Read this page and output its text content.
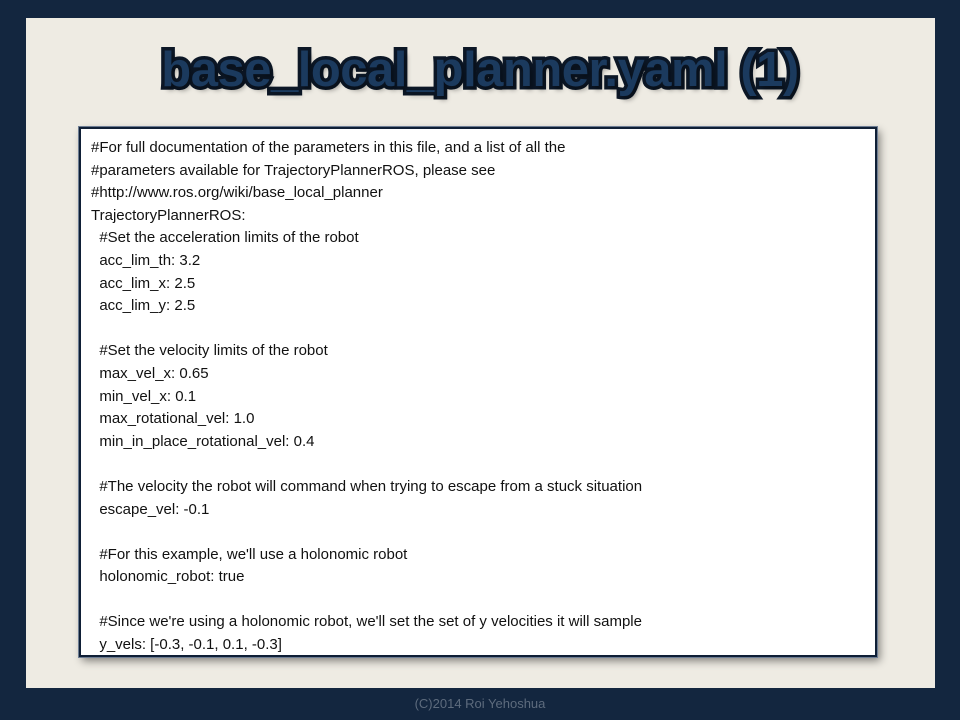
base_local_planner.yaml (1)
#For full documentation of the parameters in this file, and a list of all the
#parameters available for TrajectoryPlannerROS, please see
#http://www.ros.org/wiki/base_local_planner
TrajectoryPlannerROS:
#Set the acceleration limits of the robot
acc_lim_th: 3.2
acc_lim_x: 2.5
acc_lim_y: 2.5
#Set the velocity limits of the robot
max_vel_x: 0.65
min_vel_x: 0.1
max_rotational_vel: 1.0
min_in_place_rotational_vel: 0.4
#The velocity the robot will command when trying to escape from a stuck situation
escape_vel: -0.1
#For this example, we'll use a holonomic robot
holonomic_robot: true
#Since we're using a holonomic robot, we'll set the set of y velocities it will sample
y_vels: [-0.3, -0.1, 0.1, -0.3]
(C)2014 Roi Yehoshua
